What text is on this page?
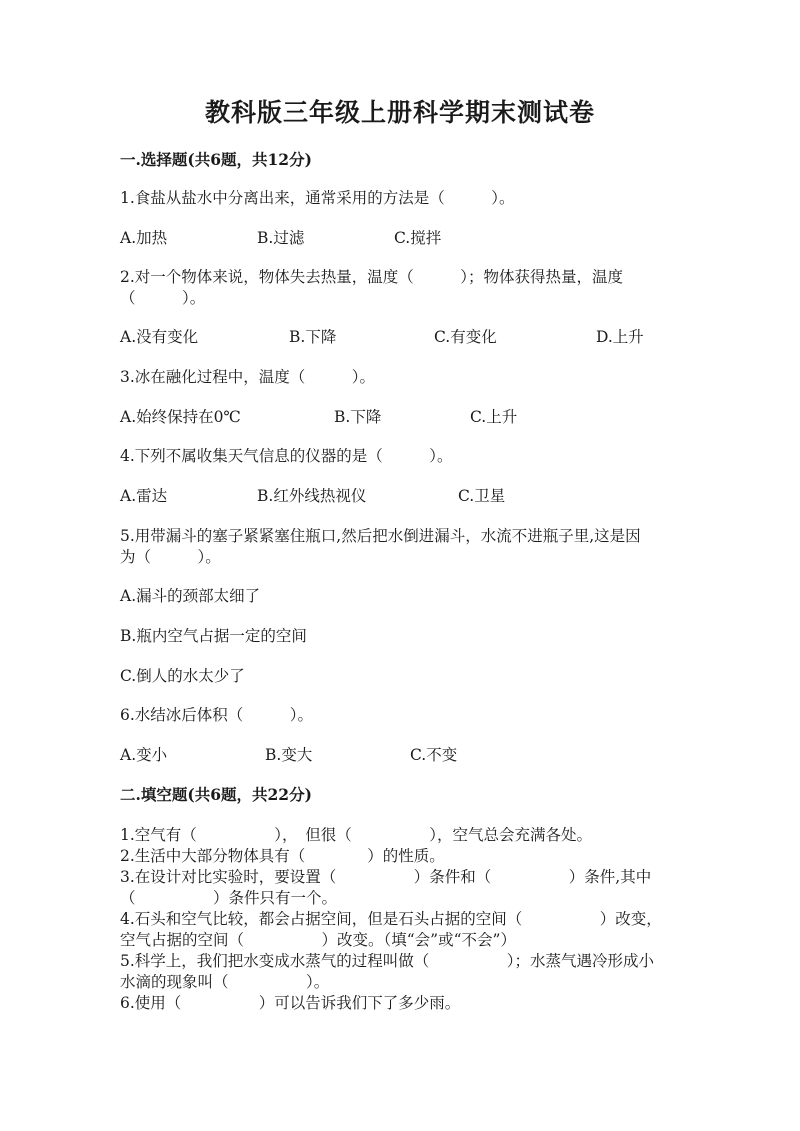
教科版三年级上册科学期末测试卷
一.选择题(共6题，共12分)
1.食盐从盐水中分离出来，通常采用的方法是（　　　）。
A.加热	B.过滤	C.搅拌
2.对一个物体来说，物体失去热量，温度（　　　）；物体获得热量，温度
（　　　）。
A.没有变化	B.下降	C.有变化	D.上升
3.冰在融化过程中，温度（　　　）。
A.始终保持在0℃	B.下降	C.上升
4.下列不属收集天气信息的仪器的是（　　　）。
A.雷达	B.红外线热视仪	C.卫星
5.用带漏斗的塞子紧紧塞住瓶口,然后把水倒进漏斗，水流不进瓶子里,这是因
为（　　　）。
A.漏斗的颈部太细了
B.瓶内空气占据一定的空间
C.倒人的水太少了
6.水结冰后体积（　　　）。
A.变小	B.变大	C.不变
二.填空题(共6题，共22分)
1.空气有（　　　　　），　但很（　　　　　），空气总会充满各处。
2.生活中大部分物体具有（　　　　）的性质。
3.在设计对比实验时，要设置（　　　　　）条件和（　　　　　）条件,其中
（　　　　　）条件只有一个。
4.石头和空气比较，都会占据空间，但是石头占据的空间（　　　　　）改变，
空气占据的空间（　　　　　）改变。（填“会”或“不会”）
5.科学上，我们把水变成水蒸气的过程叫做（　　　　　）；水蒸气遇冷形成小
水滴的现象叫（　　　　　）。
6.使用（　　　　　）可以告诉我们下了多少雨。
